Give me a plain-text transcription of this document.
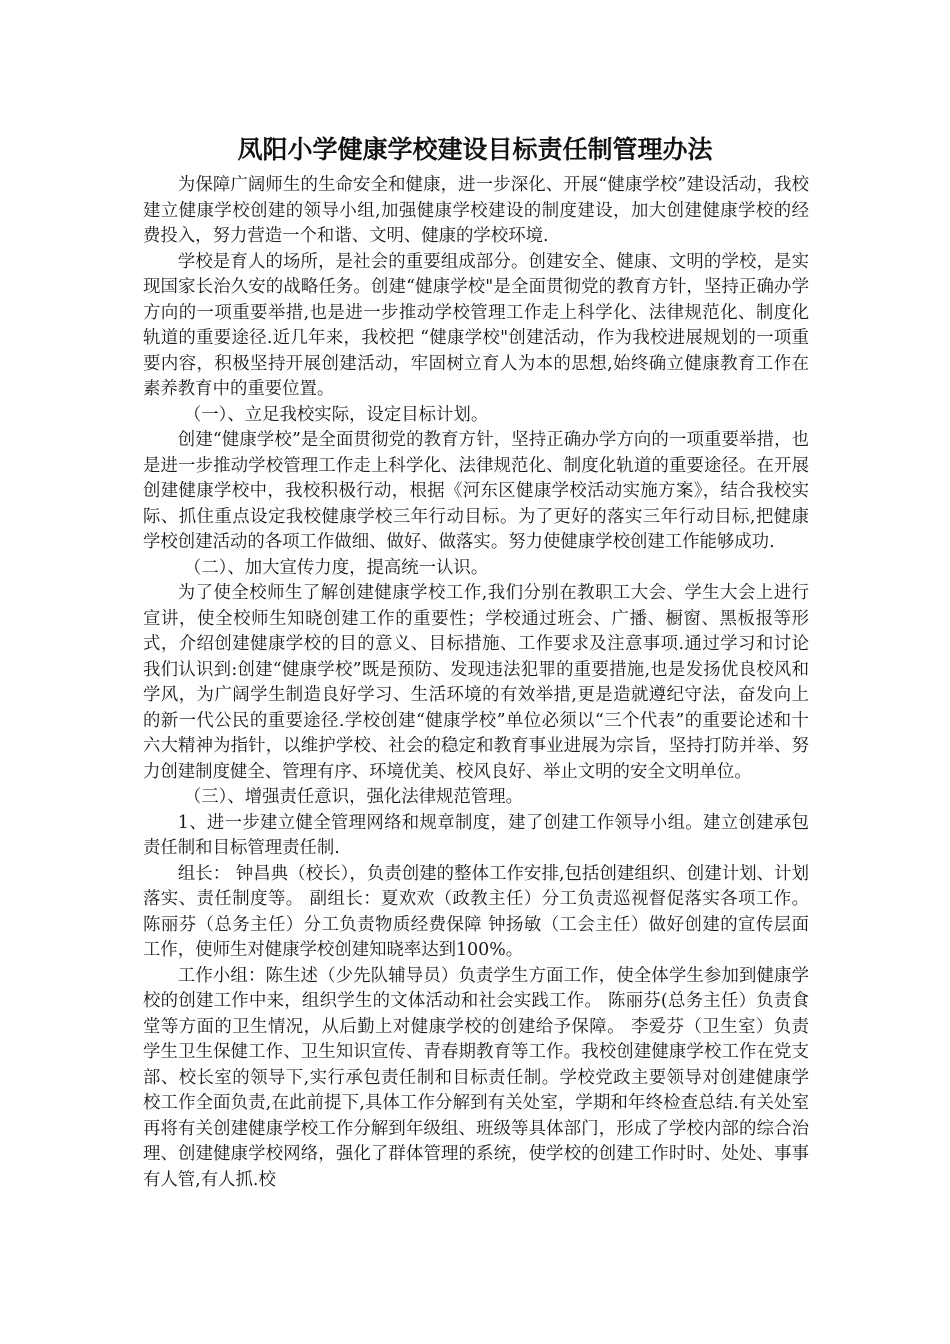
凤阳小学健康学校建设目标责任制管理办法

为保障广阔师生的生命安全和健康，进一步深化、开展“健康学校”建设活动，我校建立健康学校创建的领导小组,加强健康学校建设的制度建设，加大创建健康学校的经费投入，努力营造一个和谐、文明、健康的学校环境.

学校是育人的场所，是社会的重要组成部分。创建安全、健康、文明的学校，是实现国家长治久安的战略任务。创建“健康学校"是全面贯彻党的教育方针，坚持正确办学方向的一项重要举措,也是进一步推动学校管理工作走上科学化、法律规范化、制度化轨道的重要途径.近几年来，我校把 “健康学校"创建活动，作为我校进展规划的一项重要内容，积极坚持开展创建活动，牢固树立育人为本的思想,始终确立健康教育工作在素养教育中的重要位置。

（一）、立足我校实际，设定目标计划。

创建“健康学校”是全面贯彻党的教育方针，坚持正确办学方向的一项重要举措，也是进一步推动学校管理工作走上科学化、法律规范化、制度化轨道的重要途径。在开展创建健康学校中，我校积极行动，根据《河东区健康学校活动实施方案》，结合我校实际、抓住重点设定我校健康学校三年行动目标。为了更好的落实三年行动目标,把健康学校创建活动的各项工作做细、做好、做落实。努力使健康学校创建工作能够成功.

（二）、加大宣传力度，提高统一认识。

为了使全校师生了解创建健康学校工作,我们分别在教职工大会、学生大会上进行宣讲，使全校师生知晓创建工作的重要性；学校通过班会、广播、橱窗、黑板报等形式，介绍创建健康学校的目的意义、目标措施、工作要求及注意事项.通过学习和讨论我们认识到:创建“健康学校”既是预防、发现违法犯罪的重要措施,也是发扬优良校风和学风，为广阔学生制造良好学习、生活环境的有效举措,更是造就遵纪守法，奋发向上的新一代公民的重要途径.学校创建“健康学校”单位必须以“三个代表”的重要论述和十六大精神为指针，以维护学校、社会的稳定和教育事业进展为宗旨，坚持打防并举、努力创建制度健全、管理有序、环境优美、校风良好、举止文明的安全文明单位。

（三）、增强责任意识，强化法律规范管理。

1、进一步建立健全管理网络和规章制度，建了创建工作领导小组。建立创建承包责任制和目标管理责任制.

组长： 钟昌典（校长），负责创建的整体工作安排,包括创建组织、创建计划、计划落实、责任制度等。 副组长：夏欢欢（政教主任）分工负责巡视督促落实各项工作。 陈丽芬（总务主任）分工负责物质经费保障 钟扬敏（工会主任）做好创建的宣传层面工作，使师生对健康学校创建知晓率达到100%。

工作小组：陈生述（少先队辅导员）负责学生方面工作，使全体学生参加到健康学校的创建工作中来，组织学生的文体活动和社会实践工作。 陈丽芬(总务主任）负责食堂等方面的卫生情况，从后勤上对健康学校的创建给予保障。 李爱芬（卫生室）负责学生卫生保健工作、卫生知识宣传、青春期教育等工作。我校创建健康学校工作在党支部、校长室的领导下,实行承包责任制和目标责任制。学校党政主要领导对创建健康学校工作全面负责,在此前提下,具体工作分解到有关处室，学期和年终检查总结.有关处室再将有关创建健康学校工作分解到年级组、班级等具体部门，形成了学校内部的综合治理、创建健康学校网络，强化了群体管理的系统，使学校的创建工作时时、处处、事事有人管,有人抓.校
